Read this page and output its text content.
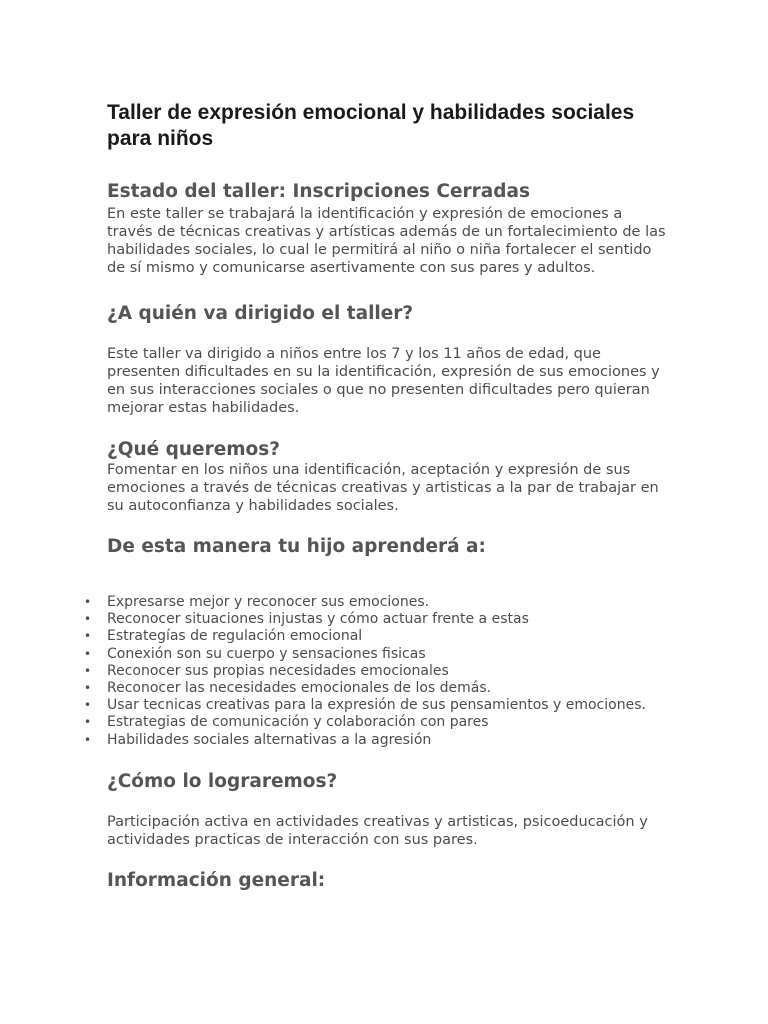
Taller de expresión emocional y habilidades sociales para niños
Estado del taller: Inscripciones Cerradas

En este taller se trabajará la identificación y expresión de emociones a través de técnicas creativas y artísticas además de un fortalecimiento de las habilidades sociales, lo cual le permitirá al niño o niña fortalecer el sentido de sí mismo y comunicarse asertivamente con sus pares y adultos.

¿A quién va dirigido el taller?

Este taller va dirigido a niños entre los 7 y los 11 años de edad, que presenten dificultades en su la identificación, expresión de sus emociones y en sus interacciones sociales o que no presenten dificultades pero quieran mejorar estas habilidades.

¿Qué queremos?

Fomentar en los niños una identificación, aceptación y expresión de sus emociones a través de técnicas creativas y artisticas a la par de trabajar en su autoconfianza y habilidades sociales.

De esta manera tu hijo aprenderá a:
• Expresarse mejor y reconocer sus emociones.
• Reconocer situaciones injustas y cómo actuar frente a estas
• Estrategías de regulación emocional
• Conexión son su cuerpo y sensaciones fisicas
• Reconocer sus propias necesidades emocionales
• Reconocer las necesidades emocionales de los demás.
• Usar tecnicas creativas para la expresión de sus pensamientos y emociones.
• Estrategias de comunicación y colaboración con pares
• Habilidades sociales alternativas a la agresión
¿Cómo lo lograremos?

Participación activa en actividades creativas y artisticas, psicoeducación y actividades practicas de interacción con sus pares.

Información general:
